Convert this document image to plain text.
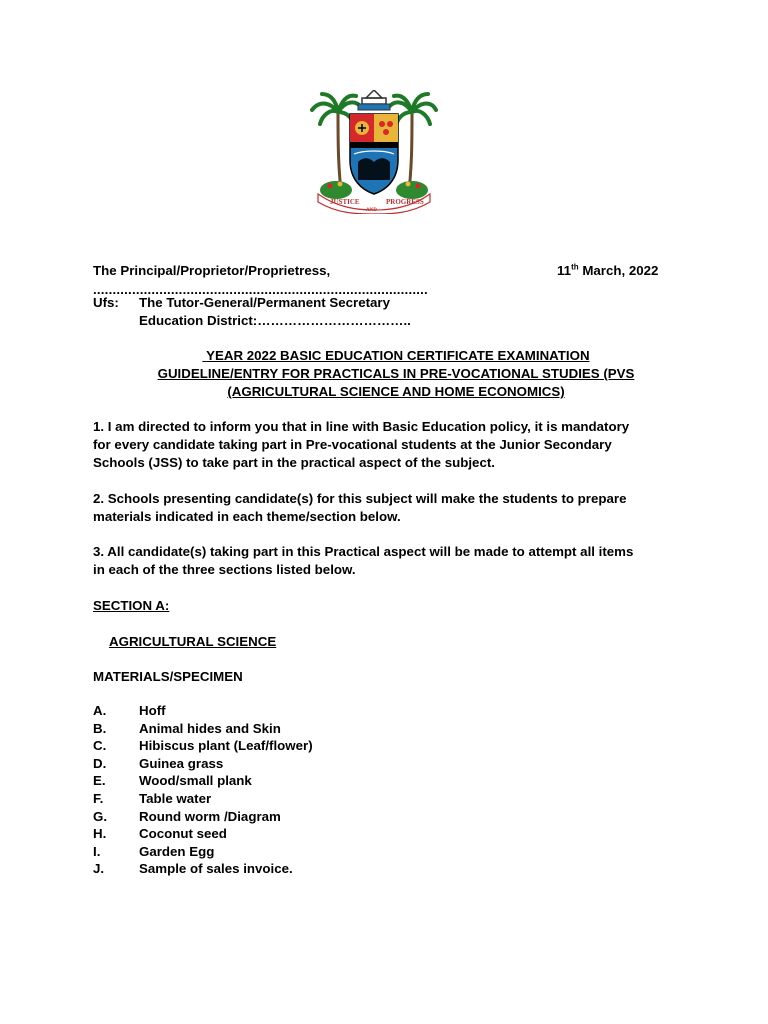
JUSTICE
AND
PROGRESS
The Principal/Proprietor/Proprietress,	11th March, 2022
......................................................................................
Ufs: The Tutor-General/Permanent Secretary
Education District:……………………………..
YEAR 2022 BASIC EDUCATION CERTIFICATE EXAMINATION
GUIDELINE/ENTRY FOR PRACTICALS IN PRE-VOCATIONAL STUDIES (PVS
(AGRICULTURAL SCIENCE AND HOME ECONOMICS)
1. I am directed to inform you that in line with Basic Education policy, it is mandatory
for every candidate taking part in Pre-vocational students at the Junior Secondary
Schools (JSS) to take part in the practical aspect of the subject.
2. Schools presenting candidate(s) for this subject will make the students to prepare
materials indicated in each theme/section below.
3. All candidate(s) taking part in this Practical aspect will be made to attempt all items
in each of the three sections listed below.
SECTION A:
AGRICULTURAL SCIENCE
MATERIALS/SPECIMEN
A. Hoff
B. Animal hides and Skin
C. Hibiscus plant (Leaf/flower)
D. Guinea grass
E.	Wood/small plank
F.	Table water
G. Round worm /Diagram
H. Coconut seed
I.	Garden Egg
J.	Sample of sales invoice.
